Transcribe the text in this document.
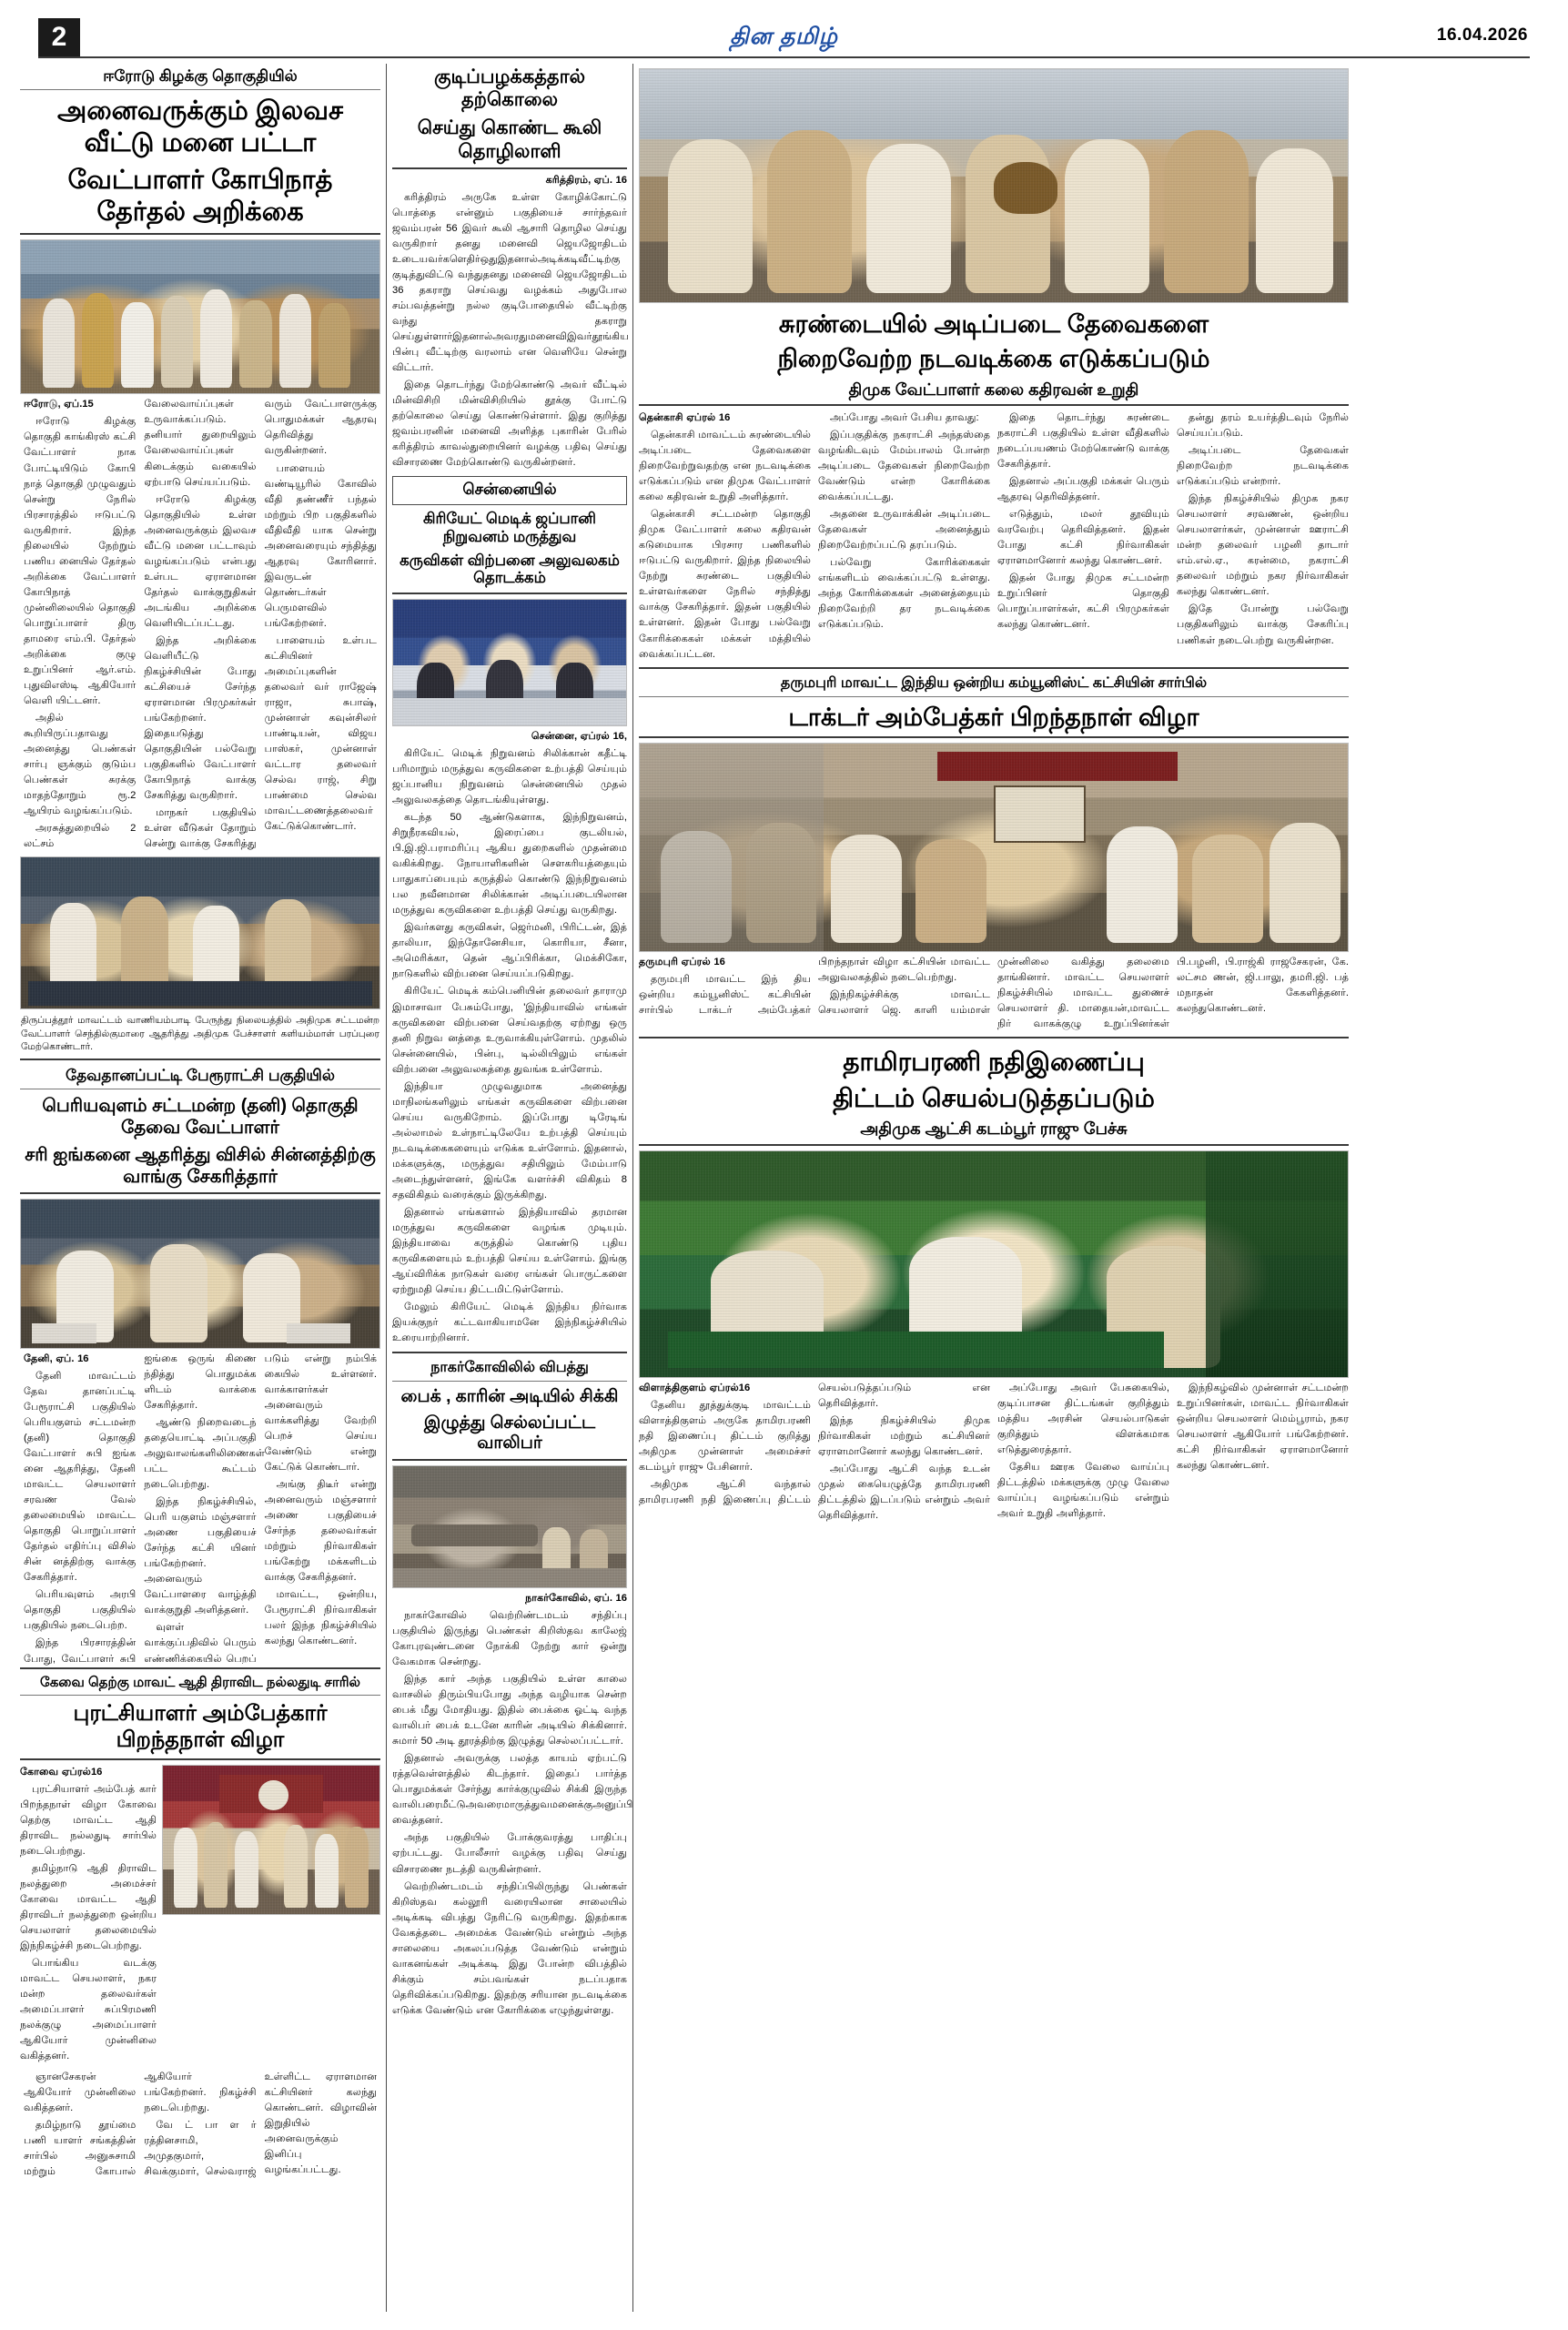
2	தின தமிழ்	16.04.2026
ஈரோடு கிழக்கு தொகுதியில்
அனைவருக்கும் இலவச வீட்டு மனை பட்டா
வேட்பாளர் கோபிநாத் தேர்தல் அறிக்கை

ஈரோடு, ஏப்.15

ஈரோடு கிழக்கு தொகுதி காங்கிரஸ் கட்சி வேட்பாளர் நாக போட்டியிடும் கோபி நாத் தொகுதி முழுவதும் சென்று நேரில் பிரசாரத்தில் ஈடுபட்டு வருகிறார். இந்த நிலையில் நேற்றும் பணிய னையில் தேர்தல் அறிக்கை வேட்பாளர் கோபிநாத் முன்னிலையில் தொகுதி பொறுப்பாளர் திரு தாமரை எம்.பி. தேர்தல் அறிக்கை குழு உறுப்பினர் ஆர்.எம். புதுவிஎஸ்டி ஆகியோர் வெளி யிட்டனர்.

அதில் கூறியிருப்பதாவது அனைத்து பெண்கள் சார்பு ஞக்கும் குடும்ப பெண்கள் சுரக்கு மாதந்தோறும் ரூ.2 ஆயிரம் வழங்கப்படும்.

அரசுத்துறையில் 2 லட்சம் வேலைவாய்ப்புகள் உருவாக்கப்படும். தனியார் துறையிலும் வேலைவாய்ப்புகள் கிடைக்கும் வகையில் ஏற்பாடு செய்யப்படும்.

ஈரோடு கிழக்கு தொகுதியில் உள்ள அனைவருக்கும் இலவச வீட்டு மனை பட்டாவும் வழங்கப்படும் என்பது உள்பட ஏராளமான தேர்தல் வாக்குறுதிகள் அடங்கிய அறிக்கை வெளியிடப்பட்டது.

இந்த அறிக்கை வெளியீட்டு நிகழ்ச்சியின் போது கட்சியைச் சேர்ந்த ஏராளமான பிரமுகர்கள் பங்கேற்றனர். இதையடுத்து தொகுதியின் பல்வேறு பகுதிகளில் வேட்பாளர் கோபிநாத் வாக்கு சேகரித்து வருகிறார்.

மாநகர் பகுதியில் உள்ள வீடுகள் தோறும் சென்று வாக்கு சேகரித்து வரும் வேட்பாளருக்கு பொதுமக்கள் ஆதரவு தெரிவித்து வருகின்றனர்.

பாளையம் வண்டியூரில் கோவில் வீதி தண்ணீர் பந்தல் மற்றும் பிற பகுதிகளில் வீதிவீதி யாக சென்று அனைவரையும் சந்தித்து ஆதரவு கோரினார். இவருடன் தொண்டர்கள் பெருமளவில் பங்கேற்றனர்.

பாளையம் உள்பட கட்சியினர் அமைப்புகளின் தலைவர் வர் ராஜேஷ் ராஜா, சுபாஷ், முன்னாள் கவுன்சிலர் பாண்டியன், விஜய பாஸ்கர், முன்னாள் வட்டார தலைவர் செல்வ ராஜ், சிறு பாண்மை செல்வ மாவட்டணைத்தலைவர் கேட்டுக்கொண்டார்.

திருப்பத்தூர் மாவட்டம் வாணியம்பாடி பேருந்து நிலையத்தில் அதிமுக சட்டமன்ற வேட்பாளர் செந்தில்குமாரை ஆதரித்து அதிமுக பேச்சாளர் களியம்மாள் பரப்புரை மேற்கொண்டார்.
தேவதானப்பட்டி பேரூராட்சி பகுதியில்
பெரியவுளம் சட்டமன்ற (தனி) தொகுதி தேவை வேட்பாளர்
சரி ஐங்கனை ஆதரித்து விசில் சின்னத்திற்கு வாங்கு சேகரித்தார்

தேனி, ஏப். 16

தேனி மாவட்டம் தேவ தானப்பட்டி பேரூராட்சி பகுதியில் பெரியகுளம் சட்டமன்ற (தனி) தொகுதி வேட்பாளர் சுபி ஐங்க னை ஆதரித்து, தேனி மாவட்ட செயலாளர் சரவண வேல் தலைமையில் மாவட்ட தொகுதி பொறுப்பாளர் தேர்தல் எதிர்ப்பு விசில் சின் னத்திற்கு வாக்கு சேகரித்தார்.

பெரியவுளம் அரபி தொகுதி பகுதியில் பகுதியில் நடைபெற்ற.

இந்த பிரசாரத்தின் போது, வேட்பாளர் சுபி ஐங்கை ஒருங் கிணை ந்தித்து பொதுமக்க ளிடம் வாக்கை சேகரித்தார்.

ஆண்டு நிறைவடைந் ததையொட்டி அப்பகுதி அலுவாலங்களிலிணைகள் பட்ட கூட்டம் நடைபெற்றது.

இந்த நிகழ்ச்சியில், பெரி யகுளம் மஞ்சளார் அணை பகுதியைச் சேர்ந்த கட்சி யினர் பங்கேற்றனர். அனைவரும் வேட்பாளரை வாழ்த்தி வாக்குறுதி அளித்தனர்.

வுளள் வாக்குப்பதிவில் பெரும் எண்ணிக்கையில் பெறப் படும் என்று நம்பிக் கையில் உள்ளனர். வாக்காளர்கள் அனைவரும் வாக்களித்து வேற்றி பெறச் செய்ய வேண்டும் என்று கேட்டுக் கொண்டார்.

அங்கு திடீர் என்று அனைவரும் மஞ்சளார் அணை பகுதியைச் சேர்ந்த தலைவர்கள் மற்றும் நிர்வாகிகள் பங்கேற்று மக்களிடம் வாக்கு சேகரித்தனர்.

மாவட்ட, ஒன்றிய, பேரூராட்சி நிர்வாகிகள் பலர் இந்த நிகழ்ச்சியில் கலந்து கொண்டனர்.

கேவை தெற்கு மாவட் ஆதி திராவிட நல்லதுடி சாரில்
புரட்சியாளர் அம்பேத்கார் பிறந்தநாள் விழா

கோவை ஏப்ரல்16

புரட்சியாளர் அம்பேத் கார் பிறந்தநாள் விழா கோவை தெற்கு மாவட்ட ஆதி திராவிட நல்லதுடி சார்பில் நடைபெற்றது.

தமிழ்நாடு ஆதி திராவிட நலத்துறை அமைச்சர் கோவை மாவட்ட ஆதி திராவிடர் நலத்துறை ஒன்றிய செயலாளர் தலைமையில் இந்நிகழ்ச்சி நடைபெற்றது.

பொங்கிய வடக்கு மாவட்ட செயலாளர், நகர மன்ற தலைவர்கள் அமைப்பாளர் சுப்பிரமணி நலக்குழு அமைப்பாளர் ஆகியோர் முன்னிலை வகித்தனர்.

ஞானசேகரன் ஆகியோர் முன்னிலை வகித்தனர்.

தமிழ்நாடு தூய்மை பணி யாளர் சங்கத்தின் சார்பில் அனுசுசாமி மற்றும் கோபால் ஆகியோர் பங்கேற்றனர். நிகழ்ச்சி நடைபெற்றது.

வே ட் பா ள ர் ரத்தினசாமி, அமுதகுமார், சிவக்குமார், செல்வராஜ் உள்ளிட்ட ஏராளமான கட்சியினர் கலந்து கொண்டனர். விழாவின் இறுதியில் அனைவருக்கும் இனிப்பு வழங்கப்பட்டது.

குடிப்பழக்கத்தால் தற்கொலை
செய்து கொண்ட கூலி தொழிலாளி

கரித்திரம், ஏப். 16

கரித்திரம் அருகே உள்ள கோழிக்கோட்டு பொத்தை என்னும் பகுதியைச் சார்ந்தவர் ஜவம்பரன் 56 இவர் கூலி ஆசாரி தொழில செய்து வருகிறார் தனது மனைவி ஜெயஜோதிடம் உடையவர்களெதிர்ஒதுஇதனால்அடிக்கடிவீட்டிற்கு குடித்துவிட்டு வந்துதனது மனைவி ஜெயஜோதிடம் 36 தகராறு செய்வது வழக்கம் அதுபோல சம்பவத்தன்று நல்ல குடிபோதையில் வீட்டிற்கு வந்து தகராறு செய்துள்ளார்இதனால்அவரதுமனைவிஇவர்தூங்கிய பின்பு வீட்டிற்கு வரலாம் என வெளியே சென்று விட்டார்.

இதை தொடர்ந்து மேற்கொண்டு அவர் வீட்டில் மின்விசிறி மின்விசிறியில் தூக்கு போட்டு தற்கொலை செய்து கொண்டுள்ளார். இது குறித்து ஜவம்பரனின் மனைவி அளித்த புகாரின் பேரில் கரித்திரம் காவல்துறையினர் வழக்கு பதிவு செய்து விசாரணை மேற்கொண்டு வருகின்றனர்.

சென்னையில்
கிரியேட் மெடிக் ஜப்பானி நிறுவனம் மருத்துவ
கருவிகள் விற்பனை அலுவலகம் தொடக்கம்

சென்னை, ஏப்ரல் 16,

கிரியேட் மெடிக் நிறுவனம் சிலிக்கான் கதீட்டி பரிமாறும் மருத்துவ கருவிகளை உற்பத்தி செய்யும் ஜப்பானிய நிறுவனம் சென்னையில் முதல் அலுவலகத்தை தொடங்கியுள்ளது.

கடந்த 50 ஆண்டுகளாக, இந்நிறுவனம், சிறுநீரகவியல், இரைப்பை குடலியல், பி.இ.ஜி.பராமரிப்பு ஆகிய துறைகளில் முதன்மை வகிக்கிறது. நோயாளிகளின் சௌகரியத்தையும் பாதுகாப்பையும் கருத்தில் கொண்டு இந்நிறுவனம் பல நவீனமான சிலிக்கான் அடிப்படையிலான மருத்துவ கருவிகளை உற்பத்தி செய்து வருகிறது.

இவர்களது கருவிகள், ஜெர்மனி, பிரிட்டன், இத் தாலியா, இந்தோனேசியா, கொரியா, சீனா, அமெரிக்கா, தென் ஆப்பிரிக்கா, மெக்சிகோ, நாடுகளில் விற்பனை செய்யப்படுகிறது.

கிரியேட் மெடிக் கம்பெனியின் தலைவர் தாராமு இமாசாவா பேசும்போது, 'இந்தியாவில் எங்கள் கருவிகளை விற்பனை செய்வதற்கு ஏற்றது ஒரு தனி நிறுவ னத்தை உருவாக்கியுள்ளோம். முதலில் சென்னையில், பின்பு, டில்லியிலும் எங்கள் விற்பனை அலுவலகத்தை துவங்க உள்ளோம்.

இந்தியா முழுவதுமாக அனைத்து மாநிலங்களிலும் எங்கள் கருவிகளை விற்பனை செய்ய வருகிறோம். இப்போது டிரேடிங் அல்லாமல் உள்நாட்டிலேயே உற்பத்தி செய்யும் நடவடிக்கைகளையும் எடுக்க உள்ளோம். இதனால், மக்களுக்கு, மருத்துவ சதியிலும் மேம்பாடு அடைந்துள்ளனர், இங்கே வளர்ச்சி விகிதம் 8 சதவிகிதம் வரைக்கும் இருக்கிறது.

இதனால் எங்களால் இந்தியாவில் தரமான மருத்துவ கருவிகளை வழங்க முடியும். இந்தியாவை கருத்தில் கொண்டு புதிய கருவிகளையும் உற்பத்தி செய்ய உள்ளோம். இங்கு ஆய்விரிக்க நாடுகள் வரை எங்கள் பொருட்களை ஏற்றுமதி செய்ய திட்டமிட்டுள்ளோம்.

மேலும் கிரியேட் மெடிக் இந்திய நிர்வாக இயக்குநர் கட்டவாகியாமனே இந்நிகழ்ச்சியில் உரையாற்றினார்.

நாகர்கோவிலில் விபத்து
பைக் , காரின் அடியில் சிக்கி
இழுத்து செல்லப்பட்ட வாலிபர்

நாகர்கோவில், ஏப். 16

நாகர்கோவில் வெற்றிண்டமடம் சந்திப்பு பகுதியில் இருந்து பெண்கள் கிறிஸ்தவ காலேஜ் கோபுரவுண்டனை நோக்கி நேற்று கார் ஒன்று வேகமாக சென்றது.

இந்த கார் அந்த பகுதியில் உள்ள காலை வாசலில் திரும்பியபோது அந்த வழியாக சென்ற பைக் மீது மோதியது. இதில் பைக்கை ஓட்டி வந்த வாலிபர் பைக் உடனே காரின் அடியில் சிக்கினார். சுமார் 50 அடி தூரத்திற்கு இழுத்து செல்லப்பட்டார்.

இதனால் அவருக்கு பலத்த காயம் ஏற்பட்டு ரத்தவெள்ளத்தில் கிடந்தார். இதைப் பார்த்த பொதுமக்கள் சேர்ந்து கார்க்குழுவில் சிக்கி இருந்த வாலிபரைமீட்டுஅவரைமாருத்துவமனைக்குஅனுப்பி வைத்தனர்.

அந்த பகுதியில் போக்குவரத்து பாதிப்பு ஏற்பட்டது. போலீசார் வழக்கு பதிவு செய்து விசாரணை நடத்தி வருகின்றனர்.

வெற்றிண்டமடம் சந்திப்பிலிருந்து பெண்கள் கிறிஸ்தவ கல்லூரி வரையிலான சாலையில் அடிக்கடி விபத்து நேரிட்டு வருகிறது. இதற்காக வேகத்தடை அமைக்க வேண்டும் என்றும் அந்த சாலையை அகலப்படுத்த வேண்டும் என்றும் வாகனங்கள் அடிக்கடி இது போன்ற விபத்தில் சிக்கும் சம்பவங்கள் நடப்பதாக தெரிவிக்கப்படுகிறது. இதற்கு சரியான நடவடிக்கை எடுக்க வேண்டும் என கோரிக்கை எழுந்துள்ளது.

சுரண்டையில் அடிப்படை தேவைகளை
நிறைவேற்ற நடவடிக்கை எடுக்கப்படும்
திமுக வேட்பாளர் கலை கதிரவன் உறுதி

தென்காசி ஏப்ரல் 16

தென்காசி மாவட்டம் சுரண்டையில் அடிப்படை தேவைகளை நிறைவேற்றுவதற்கு என நடவடிக்கை எடுக்கப்படும் என திமுக வேட்பாளர் கலை கதிரவன் உறுதி அளித்தார்.

தென்காசி சட்டமன்ற தொகுதி திமுக வேட்பாளர் கலை கதிரவன் கடுமையாக பிரசார பணிகளில் ஈடுபட்டு வருகிறார். இந்த நிலையில் நேற்று சுரண்டை பகுதியில் உள்ளவர்களை நேரில் சந்தித்து வாக்கு சேகரித்தார். இதன் பகுதியில் உள்ளனர். இதன் போது பல்வேறு கோரிக்கைகள் மக்கள் மத்தியில் வைக்கப்பட்டன.

அப்போது அவர் பேசிய தாவது:

இப்பகுதிக்கு நகராட்சி அந்தஸ்தை வழங்கிடவும் மேம்பாலம் போன்ற அடிப்படை தேவைகள் நிறைவேற்ற வேண்டும் என்ற கோரிக்கை வைக்கப்பட்டது.

அதனை உருவாக்கின் அடிப்படை தேவைகள் அனைத்தும் நிறைவேற்றப்பட்டு தரப்படும்.

பல்வேறு கோரிக்கைகள் எங்களிடம் வைக்கப்பட்டு உள்ளது. அந்த கோரிக்கைகள் அனைத்தையும் நிறைவேற்றி தர நடவடிக்கை எடுக்கப்படும்.

இதை தொடர்ந்து சுரண்டை நகராட்சி பகுதியில் உள்ள வீதிகளில் நடைப்பயணம் மேற்கொண்டு வாக்கு சேகரித்தார்.

இதனால் அப்பகுதி மக்கள் பெரும் ஆதரவு தெரிவித்தனர்.

எடுத்தும், மலர் தூவியும் வரவேற்பு தெரிவித்தனர். இதன் போது கட்சி நிர்வாகிகள் ஏராளமானோர் கலந்து கொண்டனர்.

இதன் போது திமுக சட்டமன்ற உறுப்பினர் தொகுதி பொறுப்பாளர்கள், கட்சி பிரமுகர்கள் கலந்து கொண்டனர்.

தன்து தரம் உயர்த்திடவும் நேரில் செய்யப்படும்.

அடிப்படை தேவைகள் நிறைவேற்ற நடவடிக்கை எடுக்கப்படும் என்றார்.

இந்த நிகழ்ச்சியில் திமுக நகர செயலாளர் சரவணன், ஒன்றிய செயலாளர்கள், முன்னாள் ஊராட்சி மன்ற தலைவர் பழனி தாடார் எம்.எல்.ஏ., கரன்மை, நகராட்சி தலைவர் மற்றும் நகர நிர்வாகிகள் கலந்து கொண்டனர்.

இதே போன்று பல்வேறு பகுதிகளிலும் வாக்கு சேகரிப்பு பணிகள் நடைபெற்று வருகின்றன.

தருமபுரி மாவட்ட இந்திய ஒன்றிய கம்யூனிஸ்ட் கட்சியின் சார்பில்
டாக்டர் அம்பேத்கர் பிறந்தநாள் விழா

தருமபுரி ஏப்ரல் 16

தருமபுரி மாவட்ட இந் திய ஒன்றிய கம்யூனிஸ்ட் கட்சியின் சார்பில் டாக்டர் அம்பேத்கர் பிறந்தநாள் விழா கட்சியின் மாவட்ட அலுவலகத்தில் நடைபெற்றது.

இந்நிகழ்ச்சிக்கு மாவட்ட செயலாளர் ஜெ. காளி யம்மாள் முன்னிலை வகித்து தலைமை தாங்கினார். மாவட்ட செயலாளர் நிகழ்ச்சியில் மாவட்ட துணைச் செயலாளர் தி. மாதையன்,மாவட்ட நிர் வாகக்குழு உறுப்பினர்கள் பி.பழனி, பி.ராஜ்கி ராஜசேகரன், கே. லட்சம ணன், ஜி.பாலு, தமரி.ஜி. பத் மநாதன் கேகளித்தனர். கலந்துகொண்டனர்.

தாமிரபரணி நதிஇணைப்பு
திட்டம் செயல்படுத்தப்படும்
அதிமுக ஆட்சி கடம்பூர் ராஜு பேச்சு

விளாத்திகுளம் ஏப்ரல்16

தேனிய தூத்துக்குடி மாவட்டம் விளாத்திகுளம் அருகே தாமிரபரணி நதி இணைப்பு திட்டம் குறித்து அதிமுக முன்னாள் அமைச்சர் கடம்பூர் ராஜு பேசினார்.

அதிமுக ஆட்சி வந்தால் தாமிரபரணி நதி இணைப்பு திட்டம் செயல்படுத்தப்படும் என தெரிவித்தார்.

இந்த நிகழ்ச்சியில் திமுக நிர்வாகிகள் மற்றும் கட்சியினர் ஏராளமானோர் கலந்து கொண்டனர்.

அப்போது ஆட்சி வந்த உடன் முதல் கையெழுத்தே தாமிரபரணி திட்டத்தில் இடப்படும் என்றும் அவர் தெரிவித்தார்.

அப்போது அவர் பேசுகையில், குடிப்பாசன திட்டங்கள் குறித்தும் மத்திய அரசின் செயல்பாடுகள் குறித்தும் விளக்கமாக எடுத்துரைத்தார்.

தேசிய ஊரக வேலை வாய்ப்பு திட்டத்தில் மக்களுக்கு முழு வேலை வாய்ப்பு வழங்கப்படும் என்றும் அவர் உறுதி அளித்தார்.

இந்நிகழ்வில் முன்னாள் சட்டமன்ற உறுப்பினர்கள், மாவட்ட நிர்வாகிகள் ஒன்றிய செயலாளர் மெம்பூராம், நகர செயலாளர் ஆகியோர் பங்கேற்றனர். கட்சி நிர்வாகிகள் ஏராளமானோர் கலந்து கொண்டனர்.
